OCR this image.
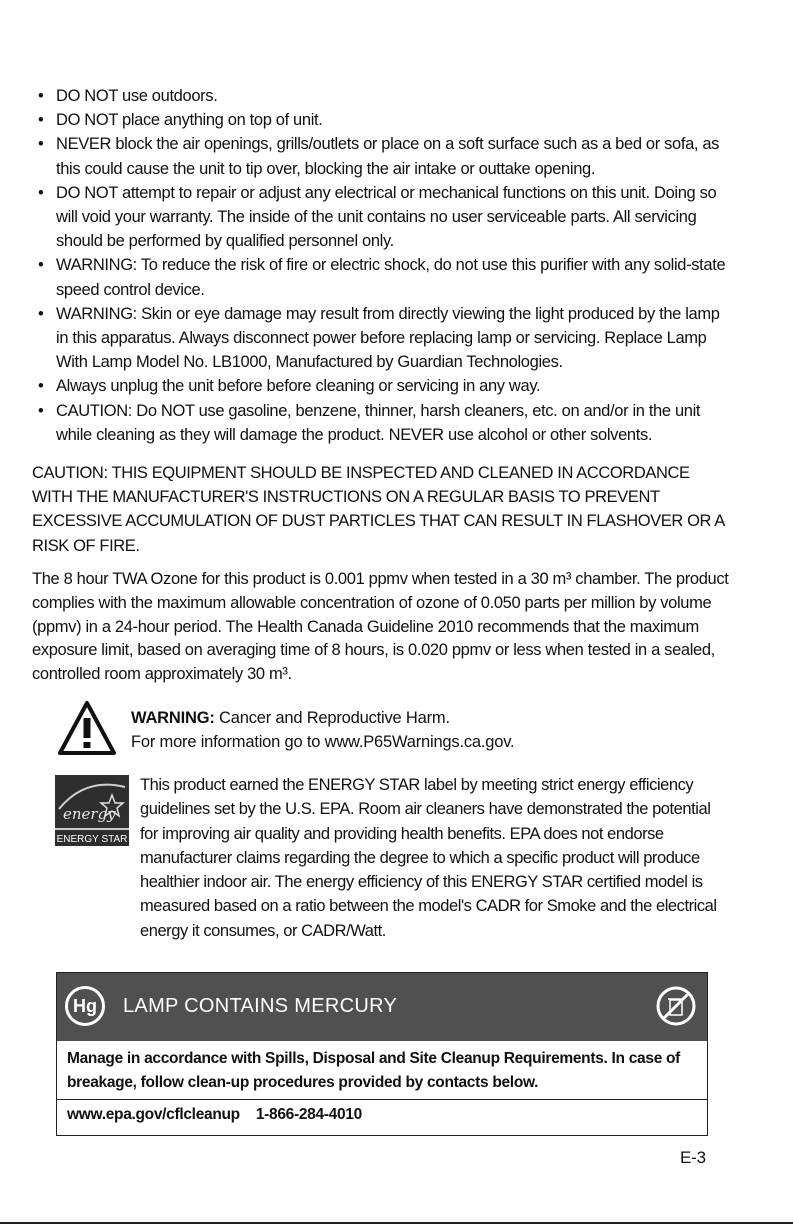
• DO NOT use outdoors.
• DO NOT place anything on top of unit.
• NEVER block the air openings, grills/outlets or place on a soft surface such as a bed or sofa, as this could cause the unit to tip over, blocking the air intake or outtake opening.
• DO NOT attempt to repair or adjust any electrical or mechanical functions on this unit. Doing so will void your warranty. The inside of the unit contains no user serviceable parts. All servicing should be performed by qualified personnel only.
• WARNING: To reduce the risk of fire or electric shock, do not use this purifier with any solid-state speed control device.
• WARNING: Skin or eye damage may result from directly viewing the light produced by the lamp in this apparatus. Always disconnect power before replacing lamp or servicing. Replace Lamp With Lamp Model No. LB1000, Manufactured by Guardian Technologies.
• Always unplug the unit before before cleaning or servicing in any way.
• CAUTION: Do NOT use gasoline, benzene, thinner, harsh cleaners, etc. on and/or in the unit while cleaning as they will damage the product. NEVER use alcohol or other solvents.

CAUTION: THIS EQUIPMENT SHOULD BE INSPECTED AND CLEANED IN ACCORDANCE WITH THE MANUFACTURER'S INSTRUCTIONS ON A REGULAR BASIS TO PREVENT EXCESSIVE ACCUMULATION OF DUST PARTICLES THAT CAN RESULT IN FLASHOVER OR A RISK OF FIRE.

The 8 hour TWA Ozone for this product is 0.001 ppmv when tested in a 30 m³ chamber. The product complies with the maximum allowable concentration of ozone of 0.050 parts per million by volume (ppmv) in a 24-hour period. The Health Canada Guideline 2010 recommends that the maximum exposure limit, based on averaging time of 8 hours, is 0.020 ppmv or less when tested in a sealed, controlled room approximately 30 m³.

WARNING: Cancer and Reproductive Harm.
For more information go to www.P65Warnings.ca.gov.
energy
ENERGY STAR

This product earned the ENERGY STAR label by meeting strict energy efficiency guidelines set by the U.S. EPA. Room air cleaners have demonstrated the potential for improving air quality and providing health benefits. EPA does not endorse manufacturer claims regarding the degree to which a specific product will produce healthier indoor air. The energy efficiency of this ENERGY STAR certified model is measured based on a ratio between the model's CADR for Smoke and the electrical energy it consumes, or CADR/Watt.

Hg	LAMP CONTAINS MERCURY

Manage in accordance with Spills, Disposal and Site Cleanup Requirements. In case of breakage, follow clean-up procedures provided by contacts below.

www.epa.gov/cflcleanup 1-866-284-4010
E-3
